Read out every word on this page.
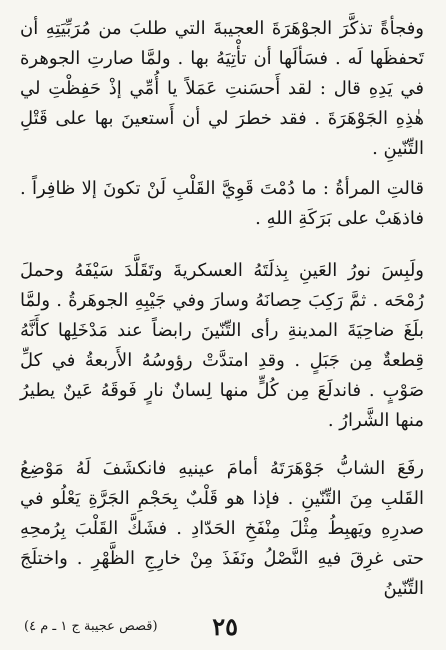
وفجأةً تذكَّرَ الجوْهَرَةَ العجيبةَ التي طلبَ من مُرَبِّيَتِهِ أن تَحفظَها لَه . فسَألَها أن تأْتِيَهُ بها . ولمَّا صارتِ الجوهرة في يَدِهِ قال : لقد أَحسَنتِ عَمَلاً يا أُمِّي إذْ حَفِظْتِ لي هٰذِهِ الجَوْهَرَةَ . فقد خطرَ لي أن أَستعينَ بها على قَتْلِ التِّنّينِ .

قالتِ المرأةُ : ما دُمْتَ قَوِيَّ القَلْبِ لَنْ تكونَ إلا ظافِراً . فاذهَبْ على بَرَكَةِ اللهِ .

ولَبِسَ نورُ العَينِ بِذلَتَهُ العسكريةَ وتَقَلَّدَ سَيْفَهُ وحملَ رُمْحَه . ثمَّ رَكِبَ حِصانَهُ وسارَ وفي جَيْبِهِ الجوهَرةُ . ولمَّا بلَغَ ضاحِيَةَ المدينةِ رأى التِّنّينَ رابضاً عند مَدْخَلِها كأَنَّهُ قِطعةٌ مِن جَبَلٍ . وقدِ امتدَّتْ رؤوسُهُ الأَربعةُ في كلِّ صَوْبٍ . فاندلَعَ مِن كُلٍّ منها لِسانٌ نارٍ فَوقَهُ عَينٌ يطيرُ منها الشَّرارُ .

رفَعَ الشابُّ جَوْهَرَتَهُ أمامَ عينيهِ فانكشَفَ لَهُ مَوْضِعُ القَلبِ مِنَ التِّنّينِ . فإذا هو قَلْبٌ بِحَجْمِ الجَرَّةِ يَعْلُو في صدرِهِ ويَهبِطُ مِثْلَ مِنْفَخِ الحَدّادِ . فشَكَّ القَلْبَ بِرُمحِهِ حتى غرِقَ فيهِ النَّصْلُ ونَفَذَ مِنْ خارِجِ الظَّهْرِ . واختلَجَ التِّنّينُ

٢٥
(قصص عجيبة ج ١ ـ م ٤)
